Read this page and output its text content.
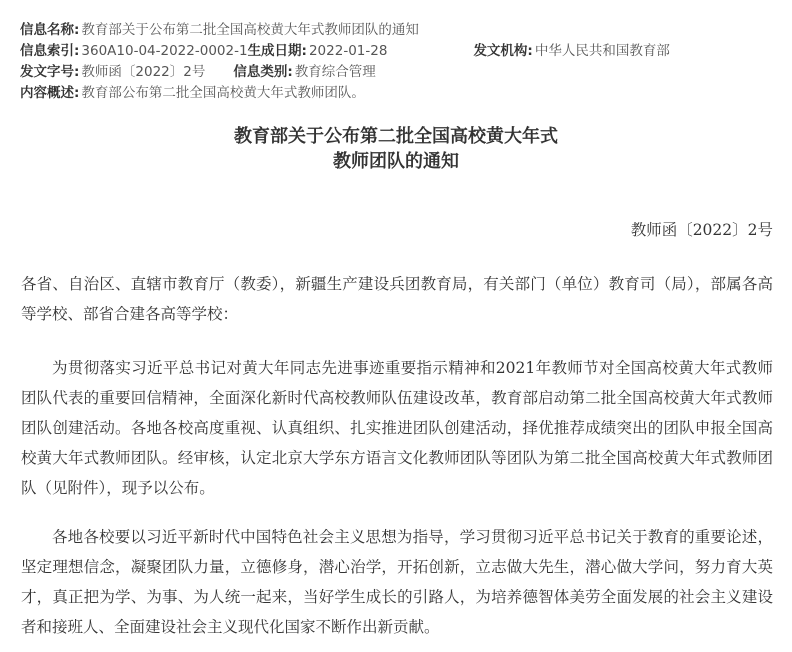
信息名称: 教育部关于公布第二批全国高校黄大年式教师团队的通知
信息索引: 360A10-04-2022-0002-1 生成日期: 2022-01-28	发文机构: 中华人民共和国教育部
发文字号: 教师函〔2022〕2号 信息类别: 教育综合管理
内容概述: 教育部公布第二批全国高校黄大年式教师团队。
教育部关于公布第二批全国高校黄大年式
教师团队的通知
教师函〔2022〕2号

各省、自治区、直辖市教育厅（教委），新疆生产建设兵团教育局，有关部门（单位）教育司（局），部属各高等学校、部省合建各高等学校：

为贯彻落实习近平总书记对黄大年同志先进事迹重要指示精神和2021年教师节对全国高校黄大年式教师团队代表的重要回信精神，全面深化新时代高校教师队伍建设改革，教育部启动第二批全国高校黄大年式教师团队创建活动。各地各校高度重视、认真组织、扎实推进团队创建活动，择优推荐成绩突出的团队申报全国高校黄大年式教师团队。经审核，认定北京大学东方语言文化教师团队等团队为第二批全国高校黄大年式教师团队（见附件），现予以公布。

各地各校要以习近平新时代中国特色社会主义思想为指导，学习贯彻习近平总书记关于教育的重要论述，坚定理想信念，凝聚团队力量，立德修身，潜心治学，开拓创新，立志做大先生，潜心做大学问，努力育大英才，真正把为学、为事、为人统一起来，当好学生成长的引路人，为培养德智体美劳全面发展的社会主义建设者和接班人、全面建设社会主义现代化国家不断作出新贡献。
